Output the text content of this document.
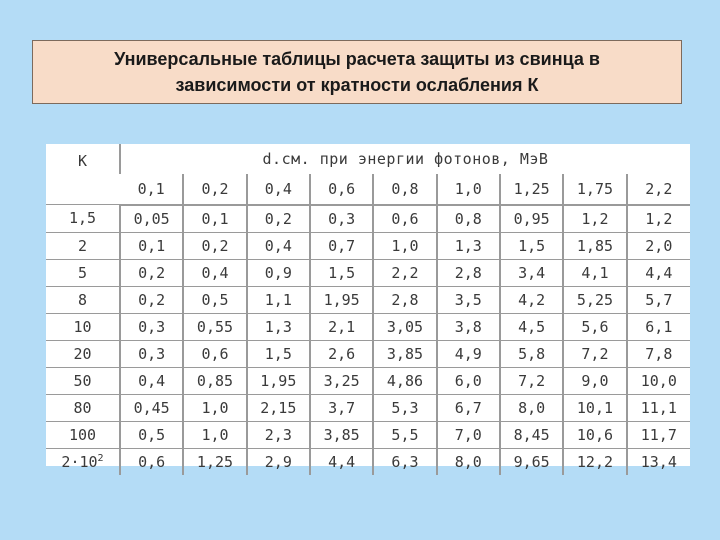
Универсальные таблицы расчета защиты из свинца в зависимости от кратности ослабления К
К	d.см. при энергии фотонов, МэВ								
	0,1	0,2	0,4	0,6	0,8	1,0	1,25	1,75	2,2
1,5	0,05	0,1	0,2	0,3	0,6	0,8	0,95	1,2	1,2
2	0,1	0,2	0,4	0,7	1,0	1,3	1,5	1,85	2,0
5	0,2	0,4	0,9	1,5	2,2	2,8	3,4	4,1	4,4
8	0,2	0,5	1,1	1,95	2,8	3,5	4,2	5,25	5,7
10	0,3	0,55	1,3	2,1	3,05	3,8	4,5	5,6	6,1
20	0,3	0,6	1,5	2,6	3,85	4,9	5,8	7,2	7,8
50	0,4	0,85	1,95	3,25	4,86	6,0	7,2	9,0	10,0
80	0,45	1,0	2,15	3,7	5,3	6,7	8,0	10,1	11,1
100	0,5	1,0	2,3	3,85	5,5	7,0	8,45	10,6	11,7
$2\cdot 10^2$	0,6	1,25	2,9	4,4	6,3	8,0	9,65	12,2	13,4
